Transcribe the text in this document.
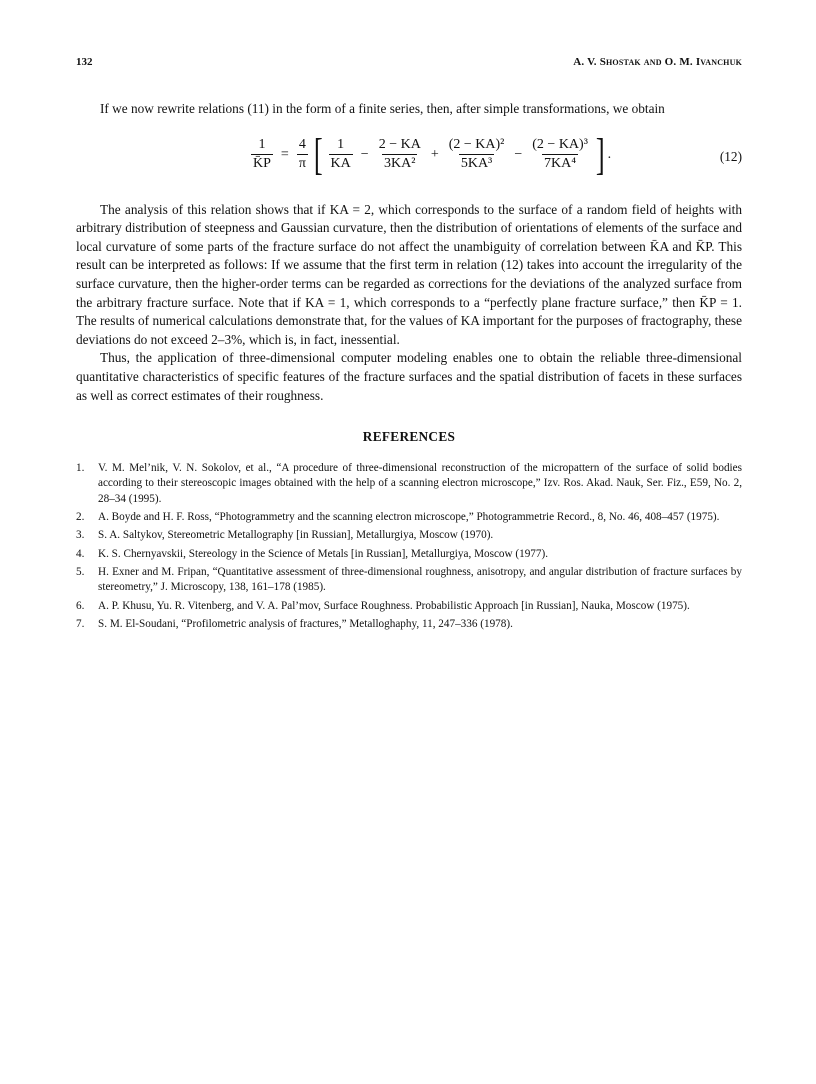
132	A. V. Shostak and O. M. Ivanchuk

If we now rewrite relations (11) in the form of a finite series, then, after simple transformations, we obtain

$\frac{1}{K̄P} = \frac{4}{\pi}$ [ $\frac{1}{KA} - \frac{2 - KA}{\text{3KA²}} + \frac{\text{(2 − KA)²}}{\text{5KA³}} - \frac{\text{(2 − KA)³}}{\text{7KA⁴}}$ ] .	(12)

The analysis of this relation shows that if KA = 2, which corresponds to the surface of a random field of heights with arbitrary distribution of steepness and Gaussian curvature, then the distribution of orientations of elements of the surface and local curvature of some parts of the fracture surface do not affect the unambiguity of correlation between K̄A and K̄P. This result can be interpreted as follows: If we assume that the first term in relation (12) takes into account the irregularity of the surface curvature, then the higher-order terms can be regarded as corrections for the deviations of the analyzed surface from the arbitrary fracture surface. Note that if KA = 1, which corresponds to a “perfectly plane fracture surface,” then K̄P = 1. The results of numerical calculations demonstrate that, for the values of KA important for the purposes of fractography, these deviations do not exceed 2–3%, which is, in fact, inessential.

Thus, the application of three-dimensional computer modeling enables one to obtain the reliable three-dimensional quantitative characteristics of specific features of the fracture surfaces and the spatial distribution of facets in these surfaces as well as correct estimates of their roughness.

REFERENCES
1. V. M. Mel’nik, V. N. Sokolov, et al., “A procedure of three-dimensional reconstruction of the micropattern of the surface of solid bodies according to their stereoscopic images obtained with the help of a scanning electron microscope,” Izv. Ros. Akad. Nauk, Ser. Fiz., E59, No. 2, 28–34 (1995).
2. A. Boyde and H. F. Ross, “Photogrammetry and the scanning electron microscope,” Photogrammetrie Record., 8, No. 46, 408–457 (1975).
3. S. A. Saltykov, Stereometric Metallography [in Russian], Metallurgiya, Moscow (1970).
4. K. S. Chernyavskii, Stereology in the Science of Metals [in Russian], Metallurgiya, Moscow (1977).
5. H. Exner and M. Fripan, “Quantitative assessment of three-dimensional roughness, anisotropy, and angular distribution of fracture surfaces by stereometry,” J. Microscopy, 138, 161–178 (1985).
6. A. P. Khusu, Yu. R. Vitenberg, and V. A. Pal’mov, Surface Roughness. Probabilistic Approach [in Russian], Nauka, Moscow (1975).
7. S. M. El-Soudani, “Profilometric analysis of fractures,” Metalloghaphy, 11, 247–336 (1978).
